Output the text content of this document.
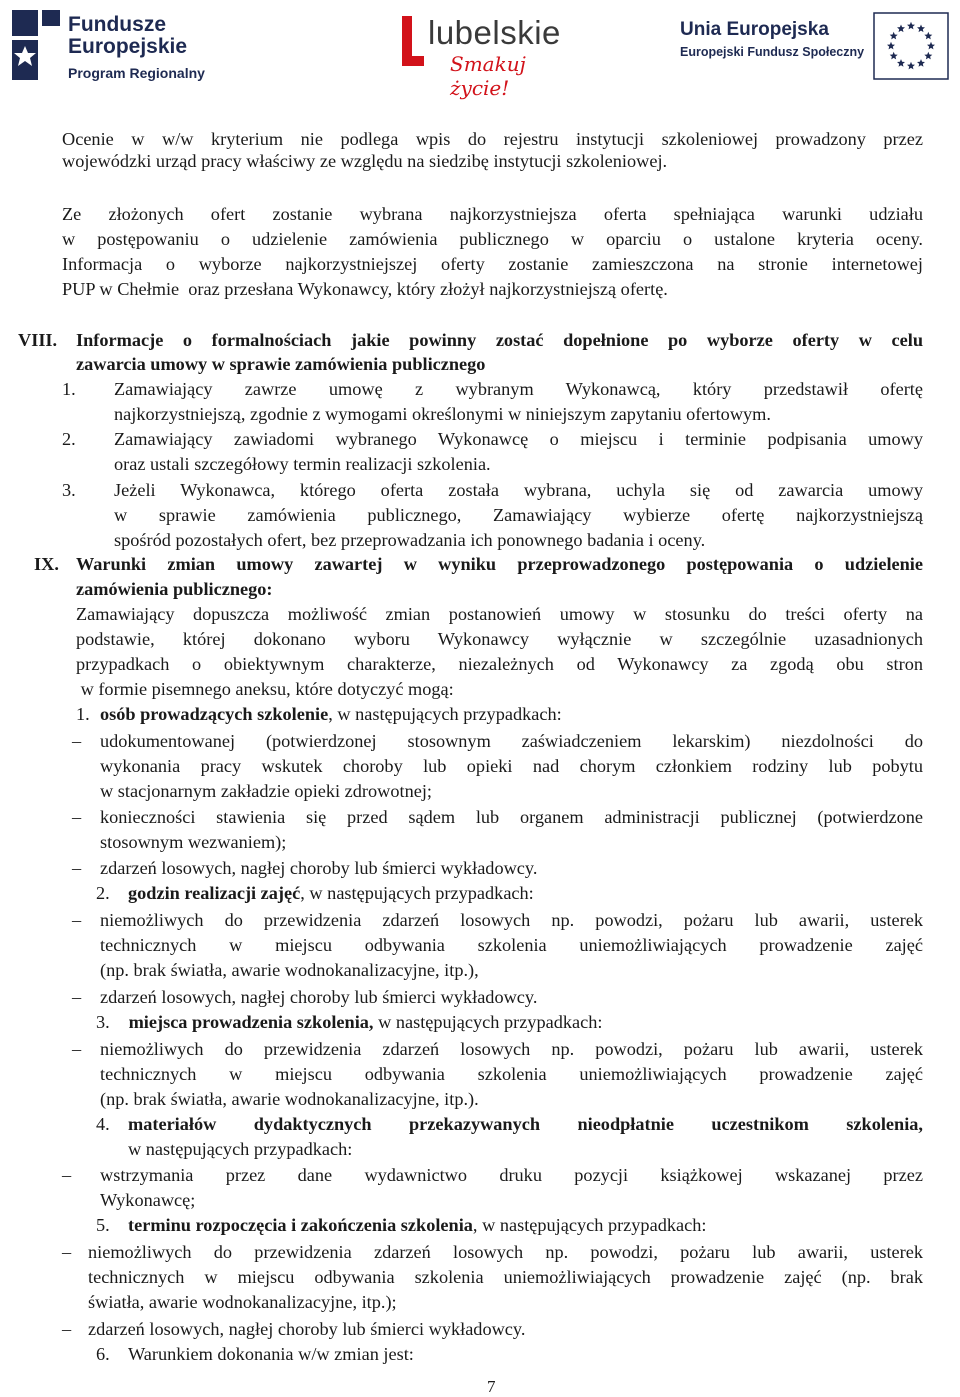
Fundusze
Europejskie
Program Regionalny
lubelskie
Smakuj życie!
Unia Europejska
Europejski Fundusz Społeczny
Ocenie w w/w kryterium nie podlega wpis do rejestru instytucji szkoleniowej prowadzony przez
wojewódzki urząd pracy właściwy ze względu na siedzibę instytucji szkoleniowej.
Ze złożonych ofert zostanie wybrana najkorzystniejsza oferta spełniająca warunki udziału
w postępowaniu o udzielenie zamówienia publicznego w oparciu o ustalone kryteria oceny.
Informacja o wyborze najkorzystniejszej oferty zostanie zamieszczona na stronie internetowej
PUP w Chełmie  oraz przesłana Wykonawcy, który złożył najkorzystniejszą ofertę.
VIII. Informacje o formalnościach jakie powinny zostać dopełnione po wyborze oferty w celu
zawarcia umowy w sprawie zamówienia publicznego
1. Zamawiający zawrze umowę z wybranym Wykonawcą, który przedstawił ofertę
najkorzystniejszą, zgodnie z wymogami określonymi w niniejszym zapytaniu ofertowym.
2. Zamawiający zawiadomi wybranego Wykonawcę o miejscu i terminie podpisania umowy
oraz ustali szczegółowy termin realizacji szkolenia.
3. Jeżeli Wykonawca, którego oferta została wybrana, uchyla się od zawarcia umowy
w sprawie zamówienia publicznego, Zamawiający wybierze ofertę najkorzystniejszą
spośród pozostałych ofert, bez przeprowadzania ich ponownego badania i oceny.
IX. Warunki zmian umowy zawartej w wyniku przeprowadzonego postępowania o udzielenie
zamówienia publicznego:
Zamawiający dopuszcza możliwość zmian postanowień umowy w stosunku do treści oferty na
podstawie, której dokonano wyboru Wykonawcy wyłącznie w szczególnie uzasadnionych
przypadkach o obiektywnym charakterze, niezależnych od Wykonawcy za zgodą obu stron
w formie pisemnego aneksu, które dotyczyć mogą:
1. osób prowadzących szkolenie, w następujących przypadkach:
– udokumentowanej (potwierdzonej stosownym zaświadczeniem lekarskim) niezdolności do
wykonania pracy wskutek choroby lub opieki nad chorym członkiem rodziny lub pobytu
w stacjonarnym zakładzie opieki zdrowotnej;
– konieczności stawienia się przed sądem lub organem administracji publicznej (potwierdzone
stosownym wezwaniem);
– zdarzeń losowych, nagłej choroby lub śmierci wykładowcy.
2. godzin realizacji zajęć, w następujących przypadkach:
– niemożliwych do przewidzenia zdarzeń losowych np. powodzi, pożaru lub awarii, usterek
technicznych w miejscu odbywania szkolenia uniemożliwiających prowadzenie zajęć
(np. brak światła, awarie wodnokanalizacyjne, itp.),
– zdarzeń losowych, nagłej choroby lub śmierci wykładowcy.
3. miejsca prowadzenia szkolenia, w następujących przypadkach:
– niemożliwych do przewidzenia zdarzeń losowych np. powodzi, pożaru lub awarii, usterek
technicznych w miejscu odbywania szkolenia uniemożliwiających prowadzenie zajęć
(np. brak światła, awarie wodnokanalizacyjne, itp.).
4. materiałów dydaktycznych przekazywanych nieodpłatnie uczestnikom szkolenia,
w następujących przypadkach:
– wstrzymania przez dane wydawnictwo druku pozycji książkowej wskazanej przez
Wykonawcę;
5. terminu rozpoczęcia i zakończenia szkolenia, w następujących przypadkach:
– niemożliwych do przewidzenia zdarzeń losowych np. powodzi, pożaru lub awarii, usterek
technicznych w miejscu odbywania szkolenia uniemożliwiających prowadzenie zajęć (np. brak
światła, awarie wodnokanalizacyjne, itp.);
– zdarzeń losowych, nagłej choroby lub śmierci wykładowcy.
6. Warunkiem dokonania w/w zmian jest:
7
